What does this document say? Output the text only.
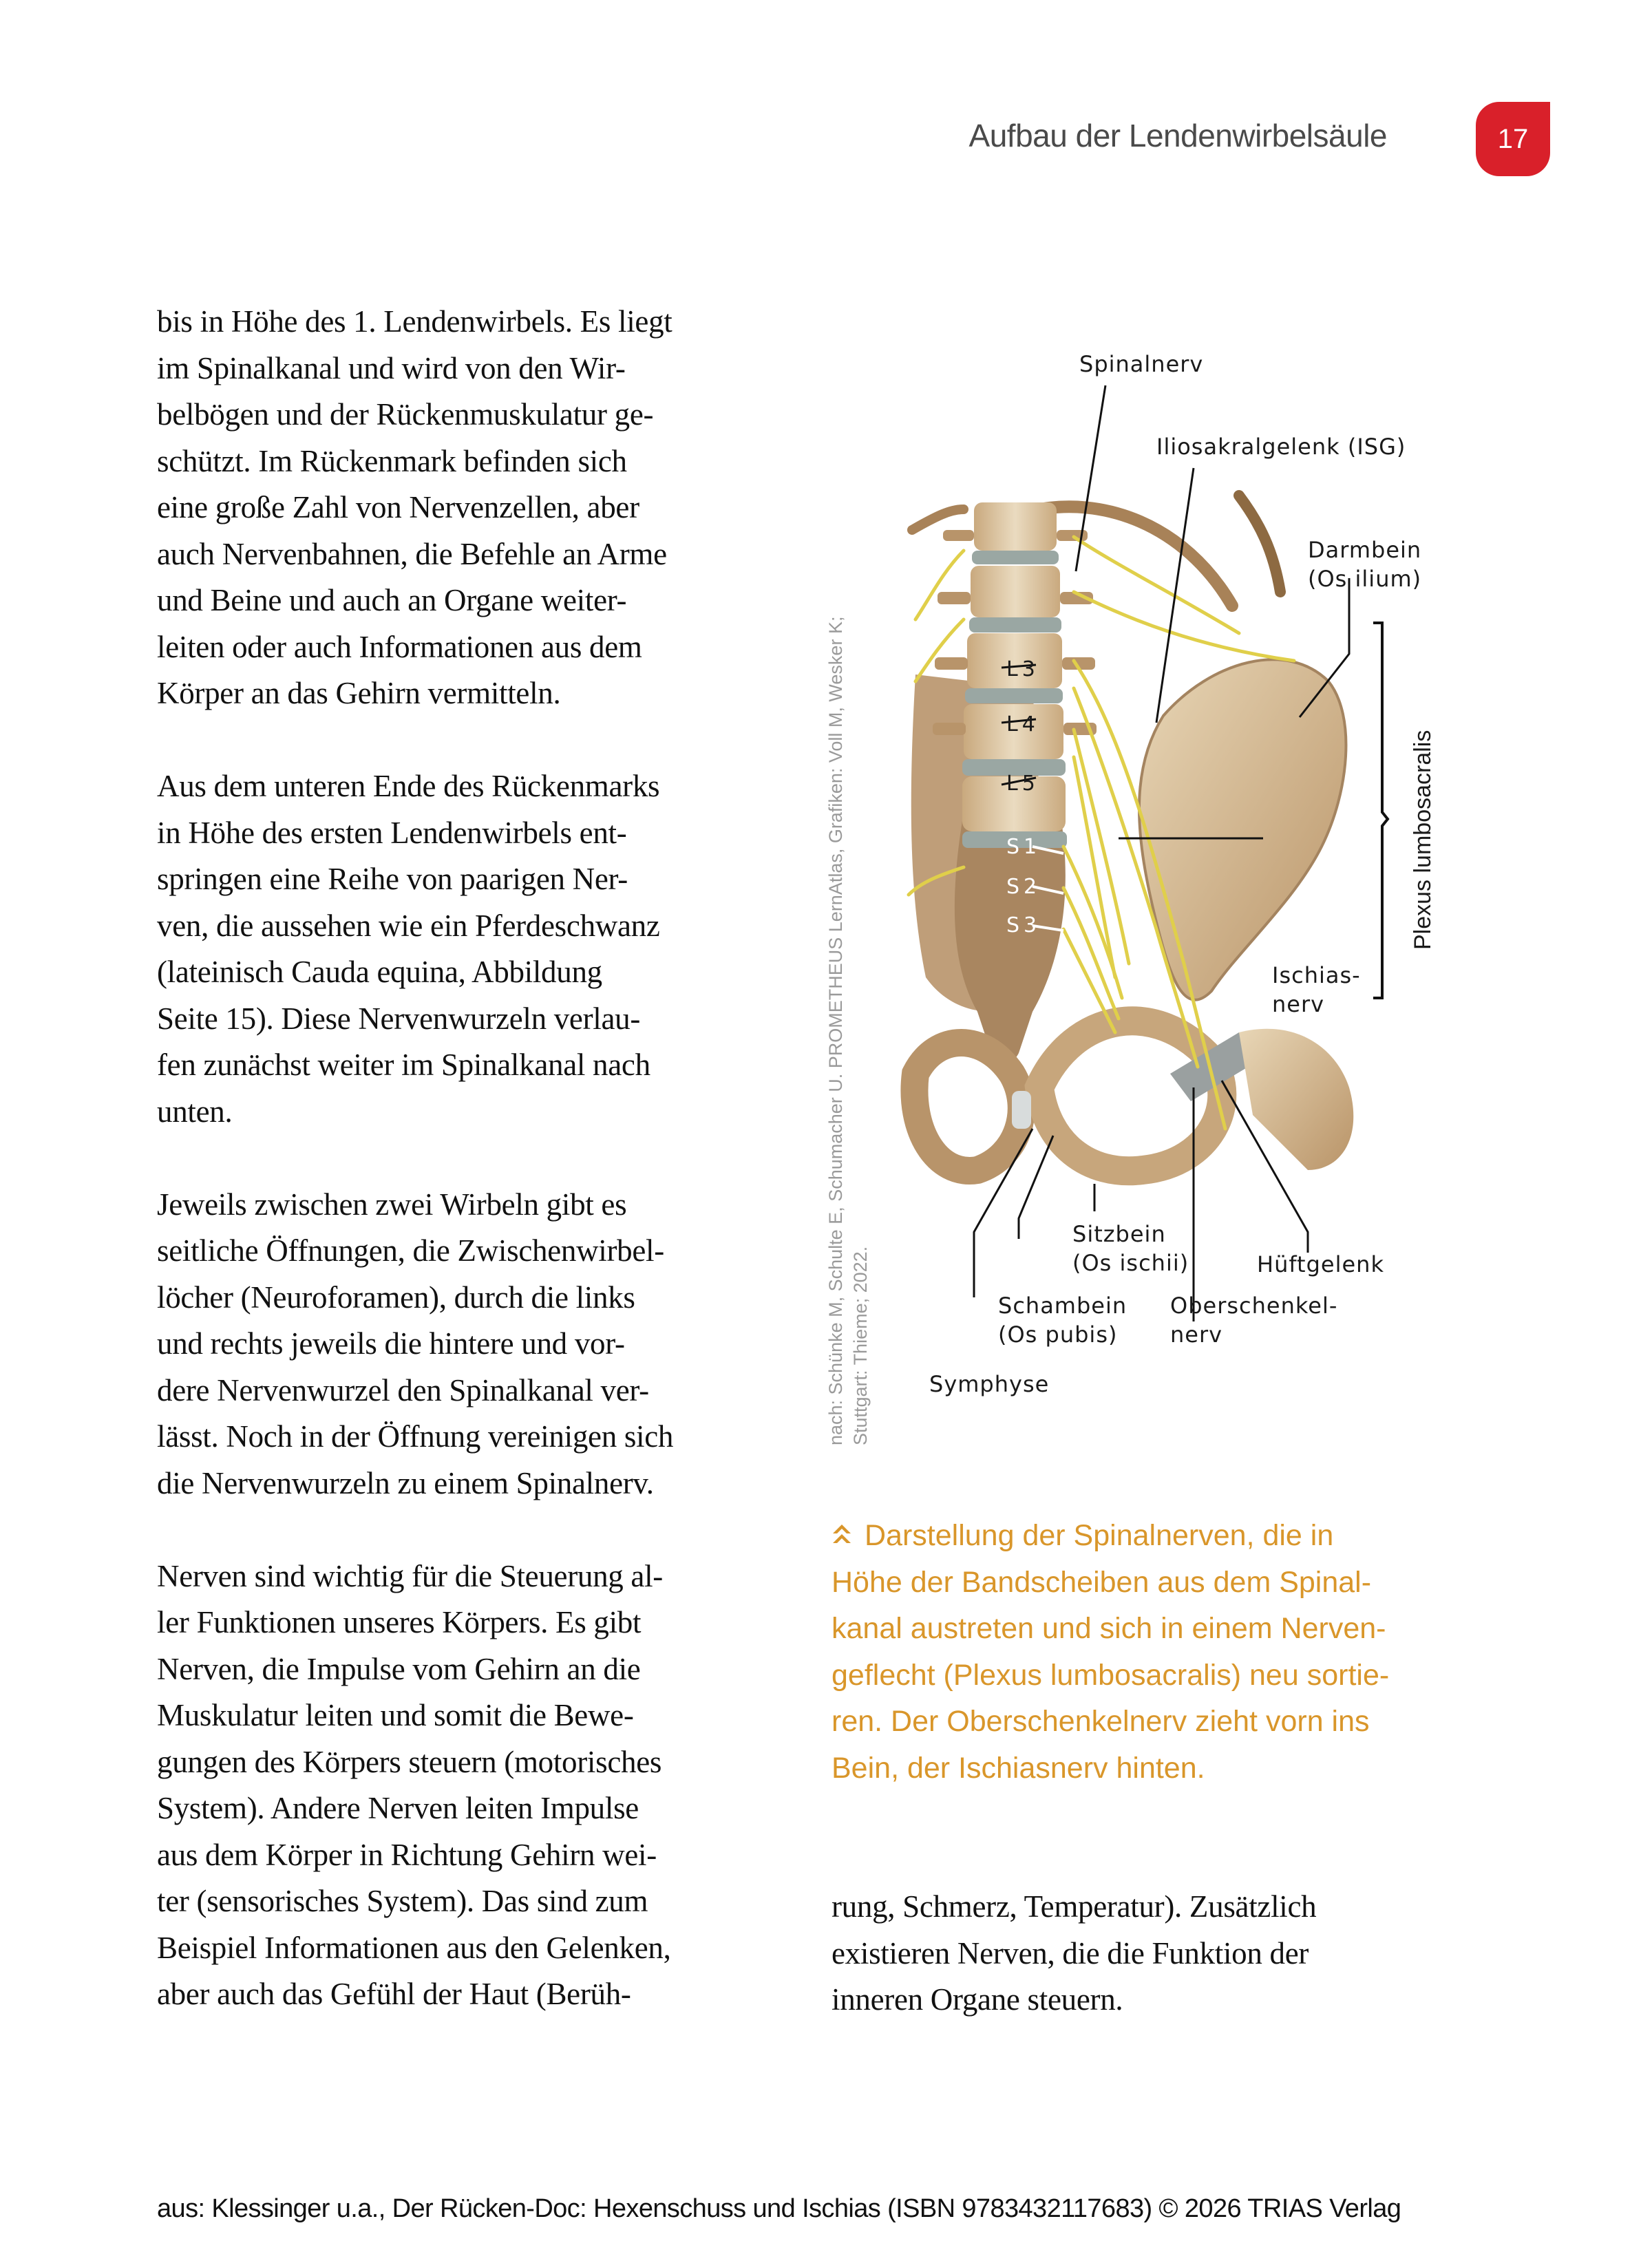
Aufbau der Lendenwirbelsäule	17

bis in Höhe des 1. Lendenwirbels. Es liegt
im Spinalkanal und wird von den Wir-
belbögen und der Rückenmuskulatur ge-
schützt. Im Rückenmark befinden sich
eine große Zahl von Nervenzellen, aber
auch Nervenbahnen, die Befehle an Arme
und Beine und auch an Organe weiter-
leiten oder auch Informationen aus dem
Körper an das Gehirn vermitteln.

Aus dem unteren Ende des Rückenmarks
in Höhe des ersten Lendenwirbels ent-
springen eine Reihe von paarigen Ner-
ven, die aussehen wie ein Pferdeschwanz
(lateinisch Cauda equina, Abbildung
Seite 15). Diese Nervenwurzeln verlau-
fen zunächst weiter im Spinalkanal nach
unten.

Jeweils zwischen zwei Wirbeln gibt es
seitliche Öffnungen, die Zwischenwirbel-
löcher (Neuroforamen), durch die links
und rechts jeweils die hintere und vor-
dere Nervenwurzel den Spinalkanal ver-
lässt. Noch in der Öffnung vereinigen sich
die Nervenwurzeln zu einem Spinalnerv.

Nerven sind wichtig für die Steuerung al-
ler Funktionen unseres Körpers. Es gibt
Nerven, die Impulse vom Gehirn an die
Muskulatur leiten und somit die Bewe-
gungen des Körpers steuern (motorisches
System). Andere Nerven leiten Impulse
aus dem Körper in Richtung Gehirn wei-
ter (sensorisches System). Das sind zum
Beispiel Informationen aus den Gelenken,
aber auch das Gefühl der Haut (Berüh-

nach: Schünke M, Schulte E, Schumacher U. PROMETHEUS LernAtlas, Grafiken: Voll M, Wesker K; Stuttgart: Thieme; 2022.
Spinalnerv
Iliosakralgelenk (ISG)
Darmbein
(Os ilium)
L3
L4
L5
S1
S2
S3	Plexus lumbosacralis
Ischias-
nerv
Sitzbein
(Os ischii)	Hüftgelenk
Schambein
(Os pubis)
Oberschenkel-
nerv
Symphyse
Darstellung der Spinalnerven, die in
Höhe der Bandscheiben aus dem Spinal-
kanal austreten und sich in einem Nerven-
geflecht (Plexus lumbosacralis) neu sortie-
ren. Der Oberschenkelnerv zieht vorn ins
Bein, der Ischiasnerv hinten.
rung, Schmerz, Temperatur). Zusätzlich
existieren Nerven, die die Funktion der
inneren Organe steuern.
aus: Klessinger u.a., Der Rücken-Doc: Hexenschuss und Ischias (ISBN 9783432117683) © 2026 TRIAS Verlag
